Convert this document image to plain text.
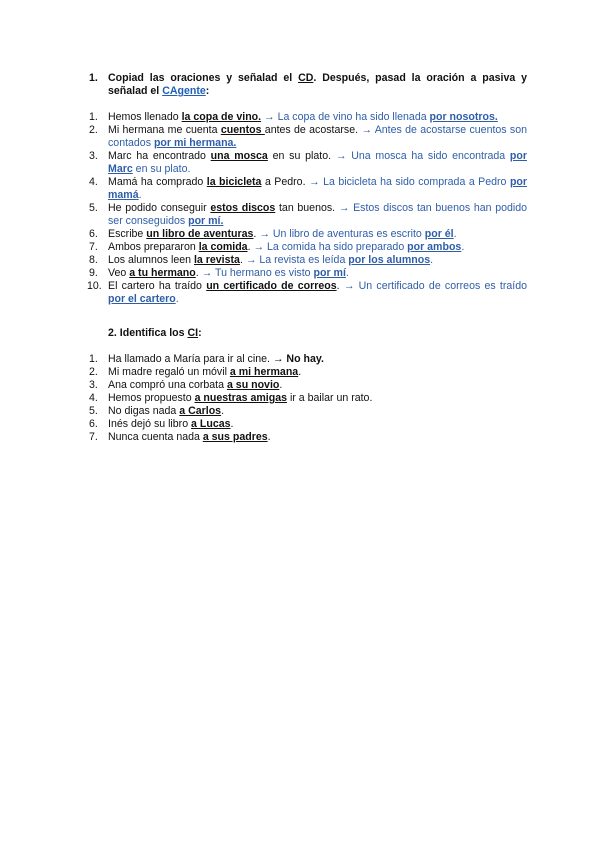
1. Copiad las oraciones y señalad el CD. Después, pasad la oración a pasiva y señalad el CAgente:
1. Hemos llenado la copa de vino. → La copa de vino ha sido llenada por nosotros.
2. Mi hermana me cuenta cuentos antes de acostarse. → Antes de acostarse cuentos son contados por mi hermana.
3. Marc ha encontrado una mosca en su plato. → Una mosca ha sido encontrada por Marc en su plato.
4. Mamá ha comprado la bicicleta a Pedro. → La bicicleta ha sido comprada a Pedro por mamá.
5. He podido conseguir estos discos tan buenos. → Estos discos tan buenos han podido ser conseguidos por mí.
6. Escribe un libro de aventuras. → Un libro de aventuras es escrito por él.
7. Ambos prepararon la comida. → La comida ha sido preparado por ambos.
8. Los alumnos leen la revista. → La revista es leída por los alumnos.
9. Veo a tu hermano. → Tu hermano es visto por mí.
10. El cartero ha traído un certificado de correos. → Un certificado de correos es traído por el cartero.
2. Identifica los CI:
1. Ha llamado a María para ir al cine. → No hay.
2. Mi madre regaló un móvil a mi hermana.
3. Ana compró una corbata a su novio.
4. Hemos propuesto a nuestras amigas ir a bailar un rato.
5. No digas nada a Carlos.
6. Inés dejó su libro a Lucas.
7. Nunca cuenta nada a sus padres.
